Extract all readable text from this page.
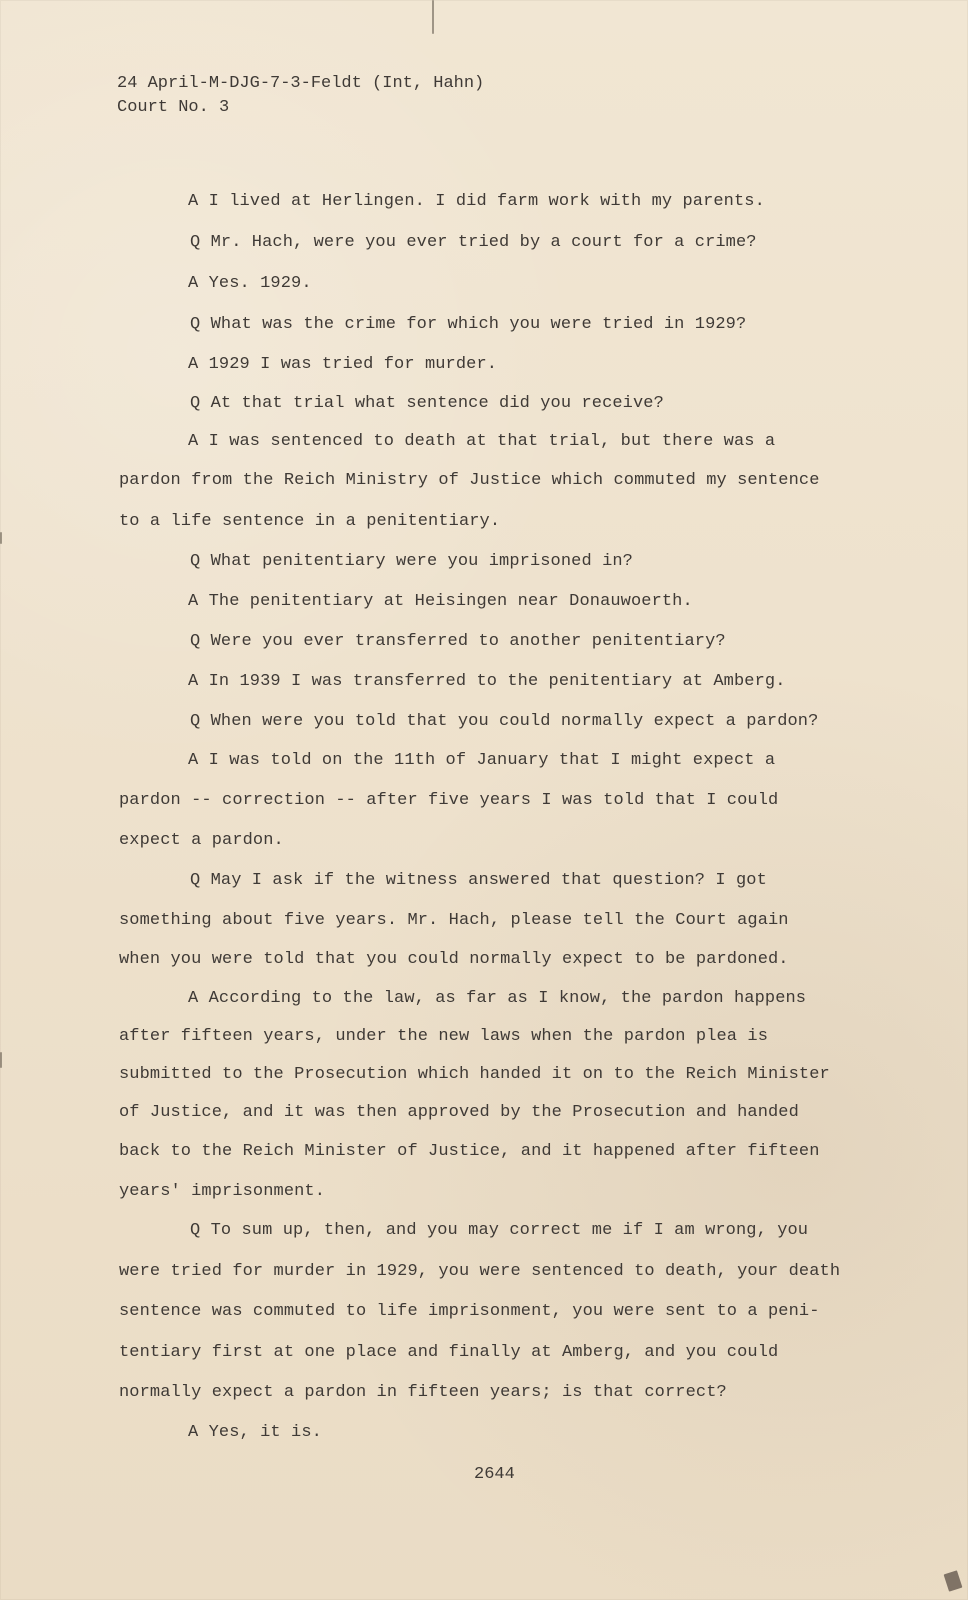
24 April-M-DJG-7-3-Feldt (Int, Hahn)
Court No. 3
A I lived at Herlingen. I did farm work with my parents.
Q Mr. Hach, were you ever tried by a court for a crime?
A Yes. 1929.
Q What was the crime for which you were tried in 1929?
A 1929 I was tried for murder.
Q At that trial what sentence did you receive?
A I was sentenced to death at that trial, but there was a
pardon from the Reich Ministry of Justice which commuted my sentence
to a life sentence in a penitentiary.
Q What penitentiary were you imprisoned in?
A The penitentiary at Heisingen near Donauwoerth.
Q Were you ever transferred to another penitentiary?
A In 1939 I was transferred to the penitentiary at Amberg.
Q When were you told that you could normally expect a pardon?
A I was told on the 11th of January that I might expect a
pardon -- correction -- after five years I was told that I could
expect a pardon.
Q May I ask if the witness answered that question? I got
something about five years. Mr. Hach, please tell the Court again
when you were told that you could normally expect to be pardoned.
A According to the law, as far as I know, the pardon happens
after fifteen years, under the new laws when the pardon plea is
submitted to the Prosecution which handed it on to the Reich Minister
of Justice, and it was then approved by the Prosecution and handed
back to the Reich Minister of Justice, and it happened after fifteen
years' imprisonment.
Q To sum up, then, and you may correct me if I am wrong, you
were tried for murder in 1929, you were sentenced to death, your death
sentence was commuted to life imprisonment, you were sent to a peni-
tentiary first at one place and finally at Amberg, and you could
normally expect a pardon in fifteen years; is that correct?
A Yes, it is.
2644
